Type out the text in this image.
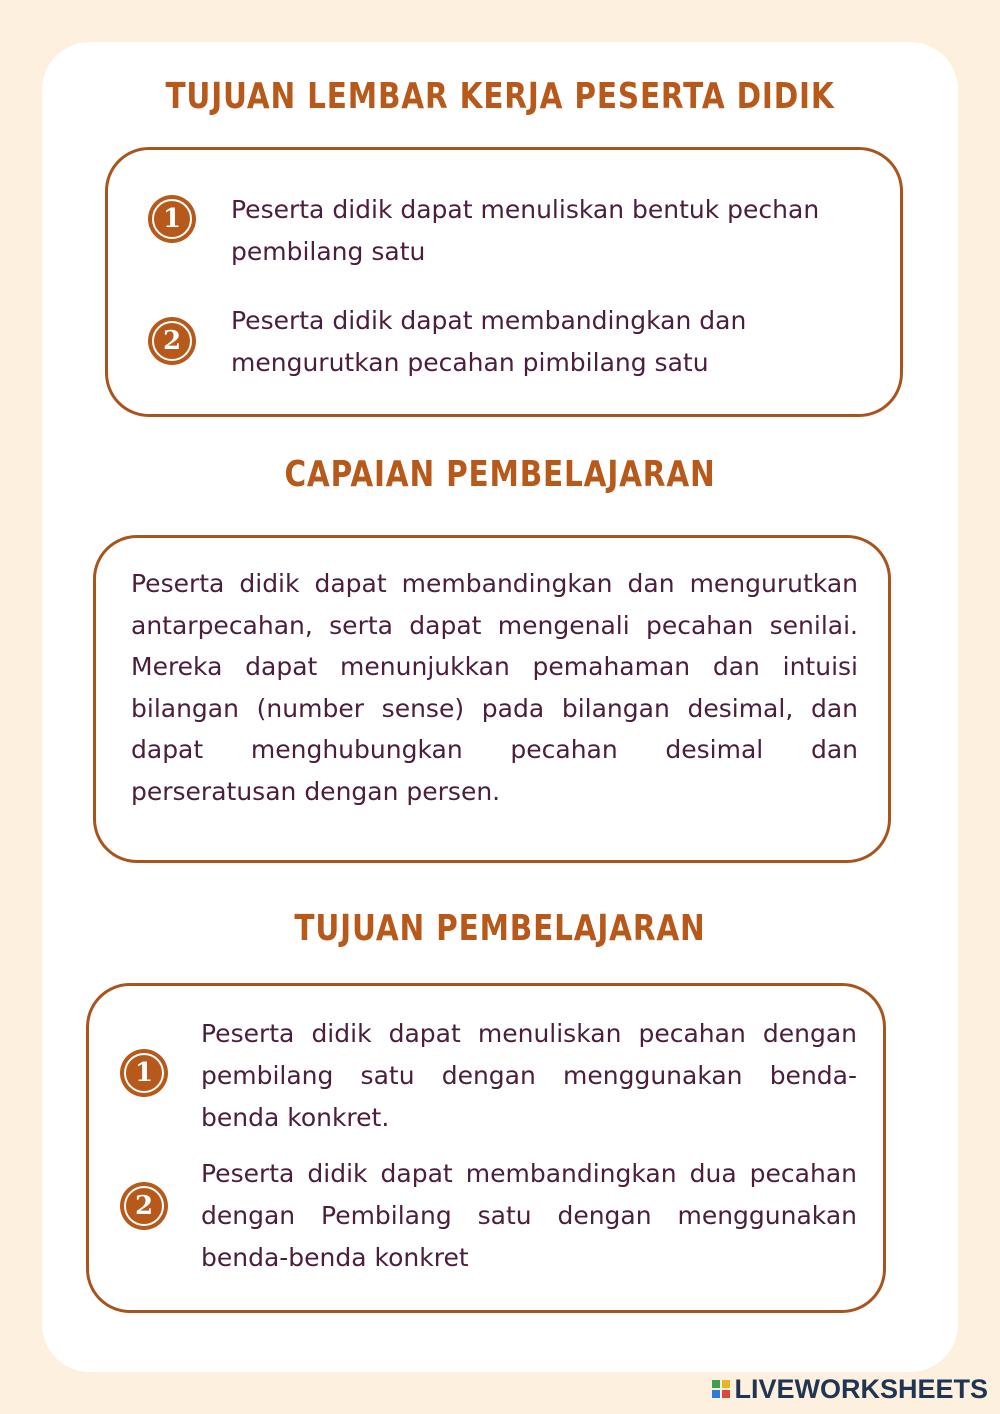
TUJUAN LEMBAR KERJA PESERTA DIDIK
1	Peserta didik dapat menuliskan bentuk pechan pembilang satu
2
Peserta didik dapat membandingkan dan mengurutkan pecahan pimbilang satu
CAPAIAN PEMBELAJARAN
Peserta didik dapat membandingkan dan mengurutkan antarpecahan, serta dapat mengenali pecahan senilai. Mereka dapat menunjukkan pemahaman dan intuisi bilangan (number sense) pada bilangan desimal, dan dapat menghubungkan pecahan desimal dan perseratusan dengan persen.
TUJUAN PEMBELAJARAN
1
Peserta didik dapat menuliskan pecahan dengan pembilang satu dengan menggunakan benda-benda konkret.
2
Peserta didik dapat membandingkan dua pecahan dengan Pembilang satu dengan menggunakan benda-benda konkret
LIVEWORKSHEETS
